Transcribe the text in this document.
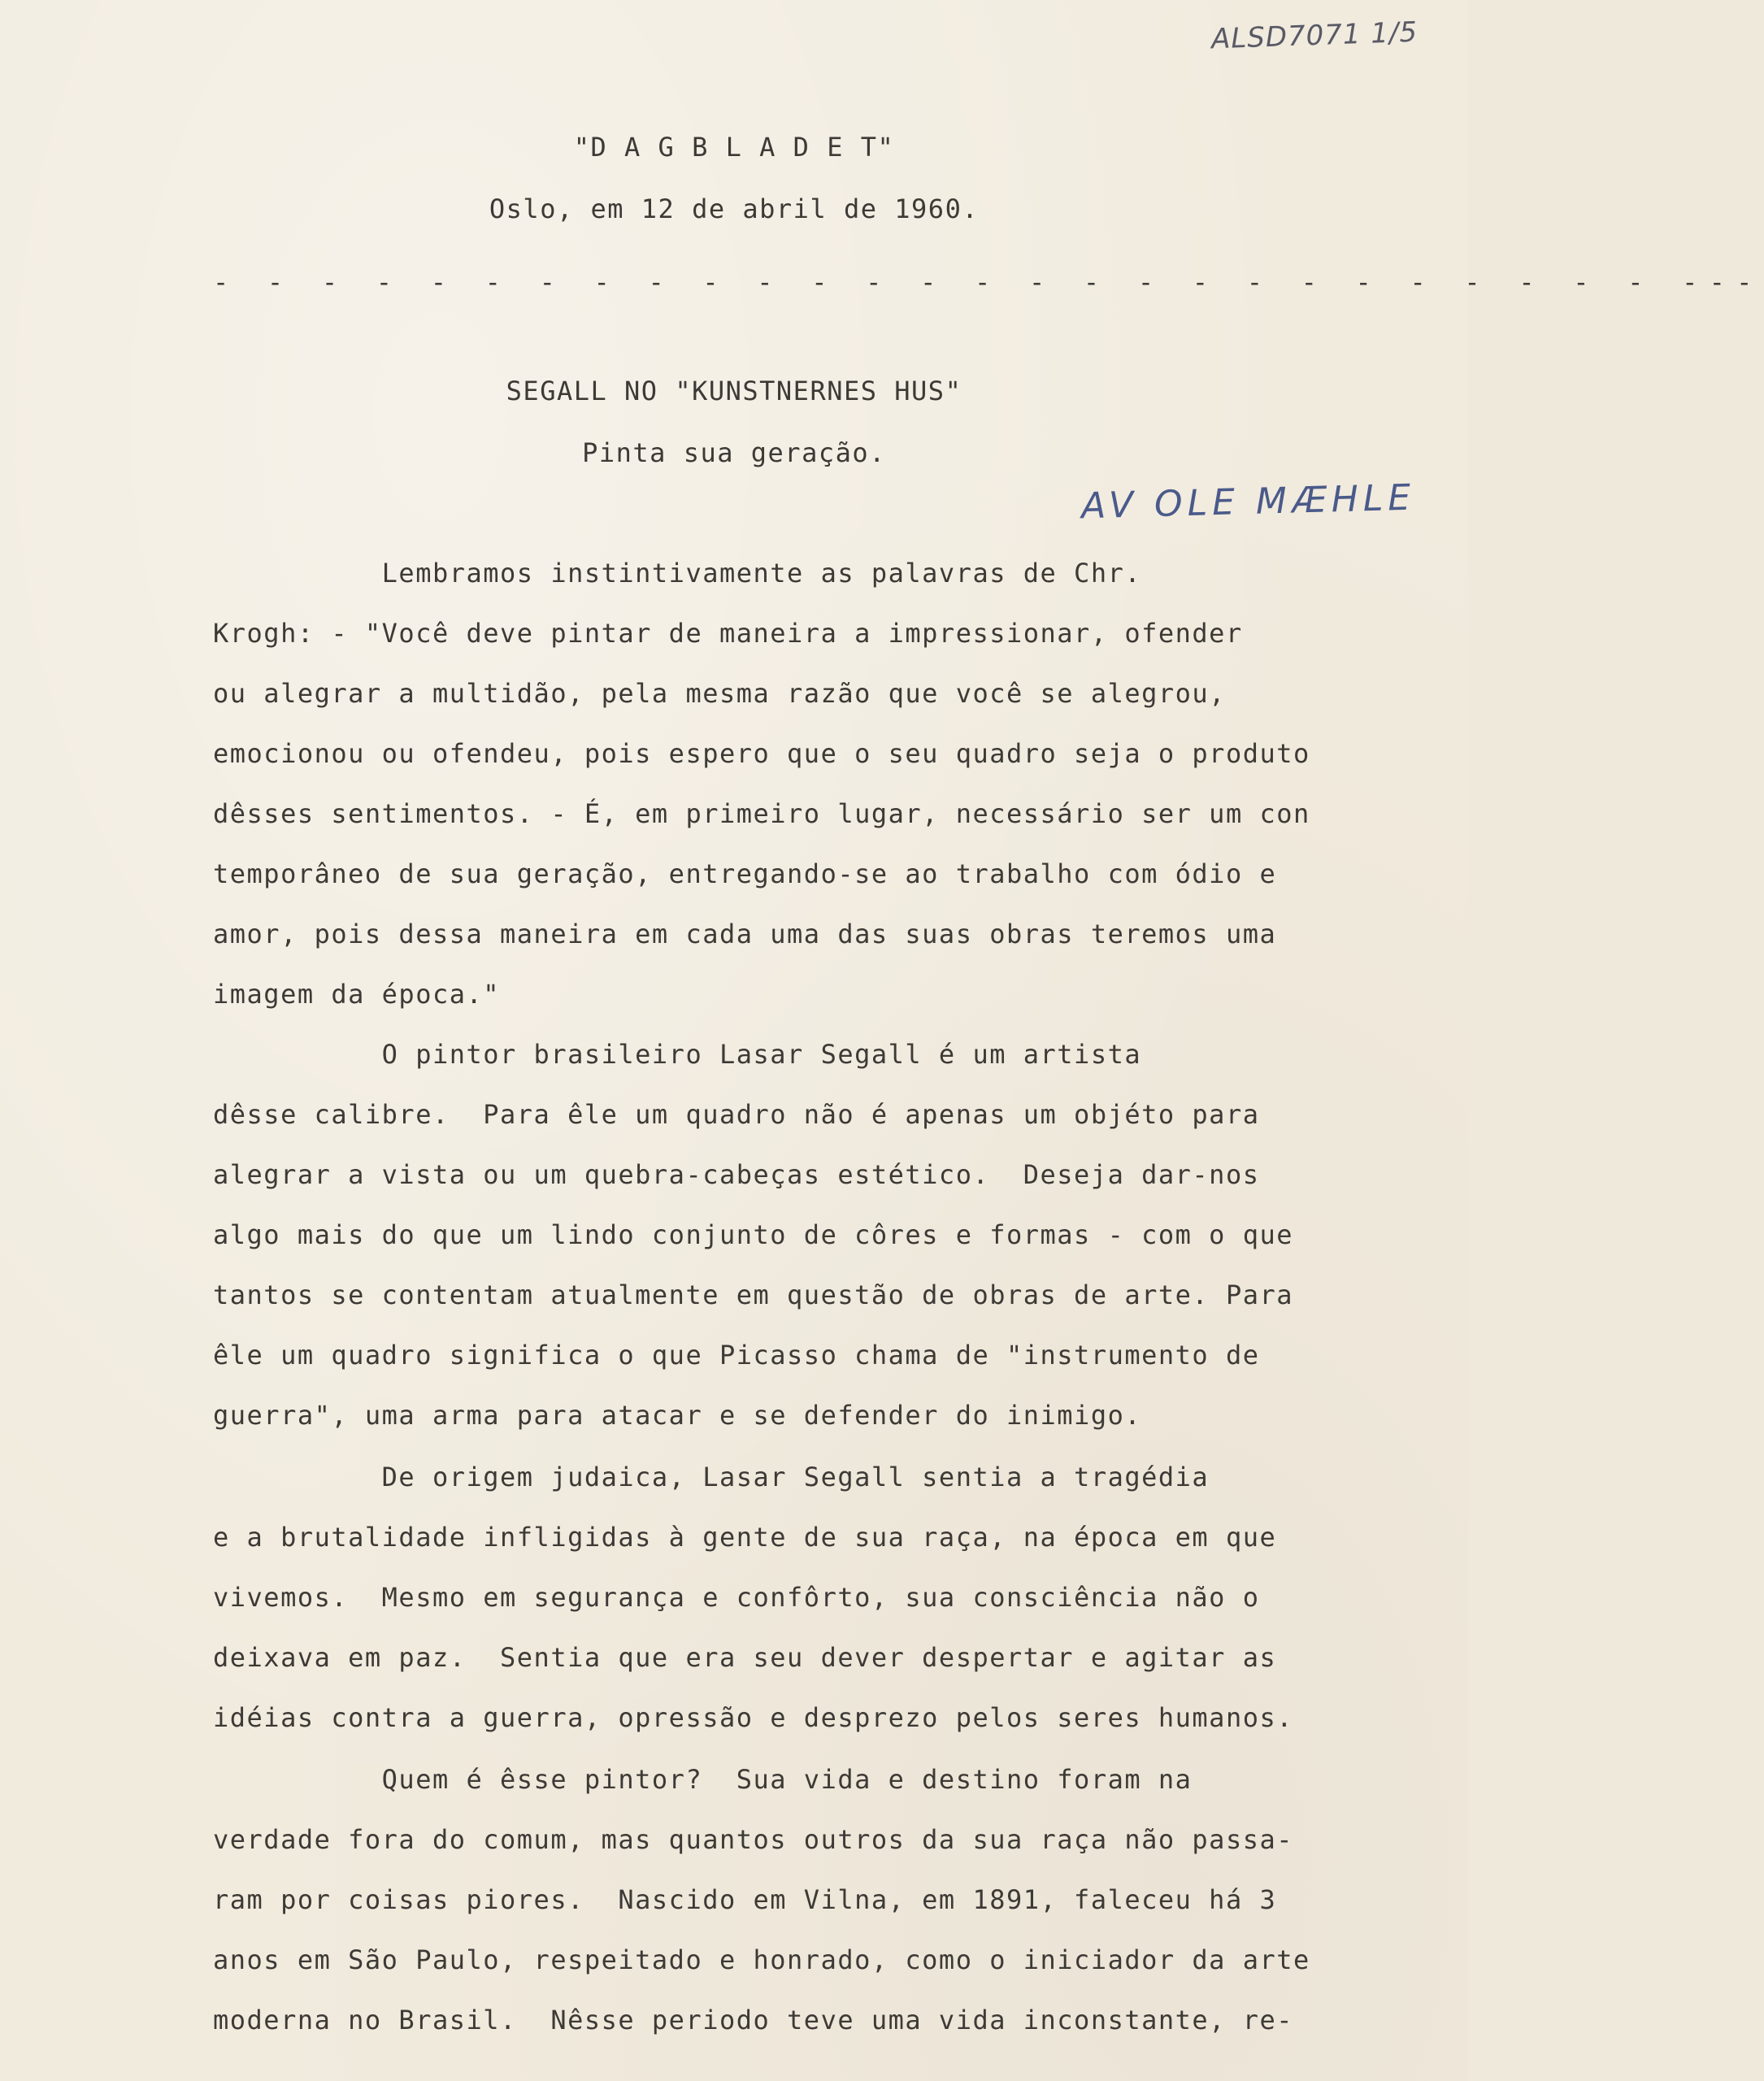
ALSD7071 1/5

"D A G B L A D E T"

Oslo, em 12 de abril de 1960.

- - - - - - - - - - - - - - - - - - - - - - - - - - - ---

SEGALL NO "KUNSTNERNES HUS"

Pinta sua geração.

AV OLE MÆHLE

Lembramos instintivamente as palavras de Chr.

Krogh: - "Você deve pintar de maneira a impressionar, ofender

ou alegrar a multidão, pela mesma razão que você se alegrou,

emocionou ou ofendeu, pois espero que o seu quadro seja o produto

dêsses sentimentos. - É, em primeiro lugar, necessário ser um con

temporâneo de sua geração, entregando-se ao trabalho com ódio e

amor, pois dessa maneira em cada uma das suas obras teremos uma

imagem da época."

O pintor brasileiro Lasar Segall é um artista

dêsse calibre.  Para êle um quadro não é apenas um objéto para

alegrar a vista ou um quebra-cabeças estético.  Deseja dar-nos

algo mais do que um lindo conjunto de côres e formas - com o que

tantos se contentam atualmente em questão de obras de arte. Para

êle um quadro significa o que Picasso chama de "instrumento de

guerra", uma arma para atacar e se defender do inimigo.

De origem judaica, Lasar Segall sentia a tragédia

e a brutalidade infligidas à gente de sua raça, na época em que

vivemos.  Mesmo em segurança e confôrto, sua consciência não o

deixava em paz.  Sentia que era seu dever despertar e agitar as

idéias contra a guerra, opressão e desprezo pelos seres humanos.

Quem é êsse pintor?  Sua vida e destino foram na

verdade fora do comum, mas quantos outros da sua raça não passa-

ram por coisas piores.  Nascido em Vilna, em 1891, faleceu há 3

anos em São Paulo, respeitado e honrado, como o iniciador da arte

moderna no Brasil.  Nêsse periodo teve uma vida inconstante, re-
